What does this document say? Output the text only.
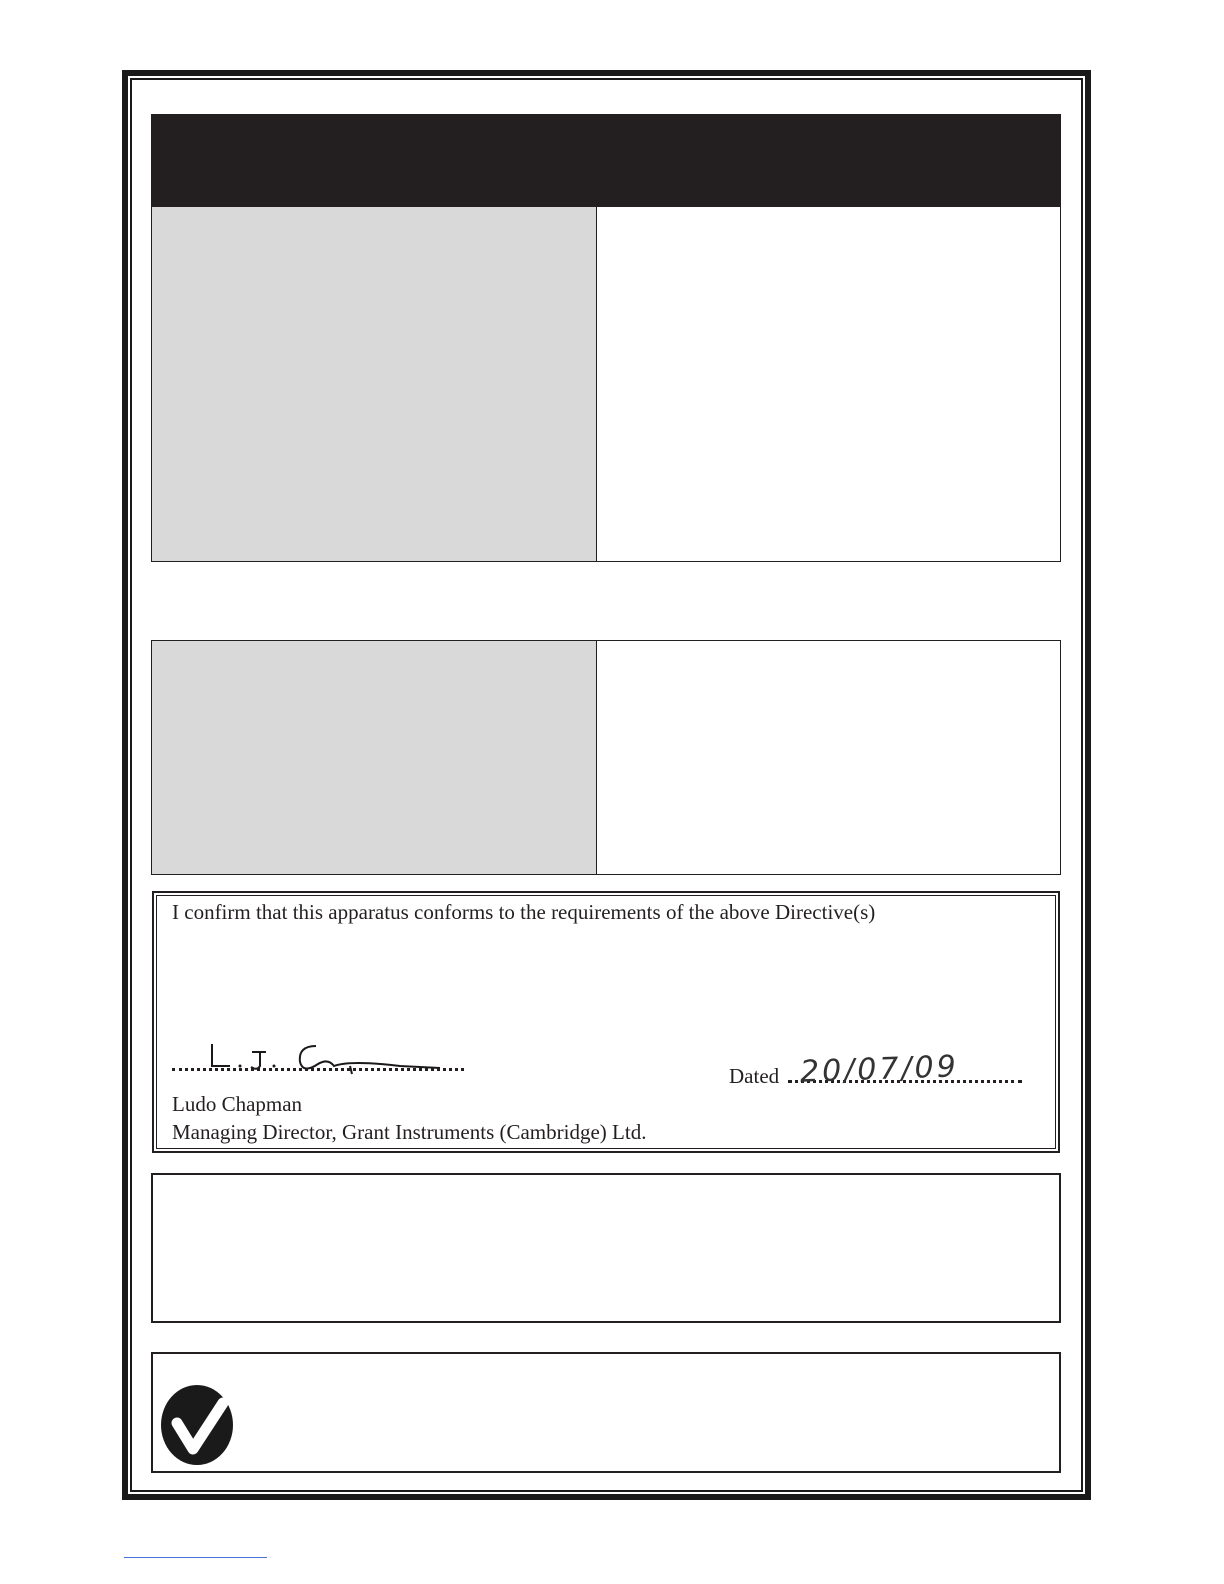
I confirm that this apparatus conforms to the requirements of the above Directive(s)
Dated 20/07/09
Ludo Chapman
Managing Director, Grant Instruments (Cambridge) Ltd.
